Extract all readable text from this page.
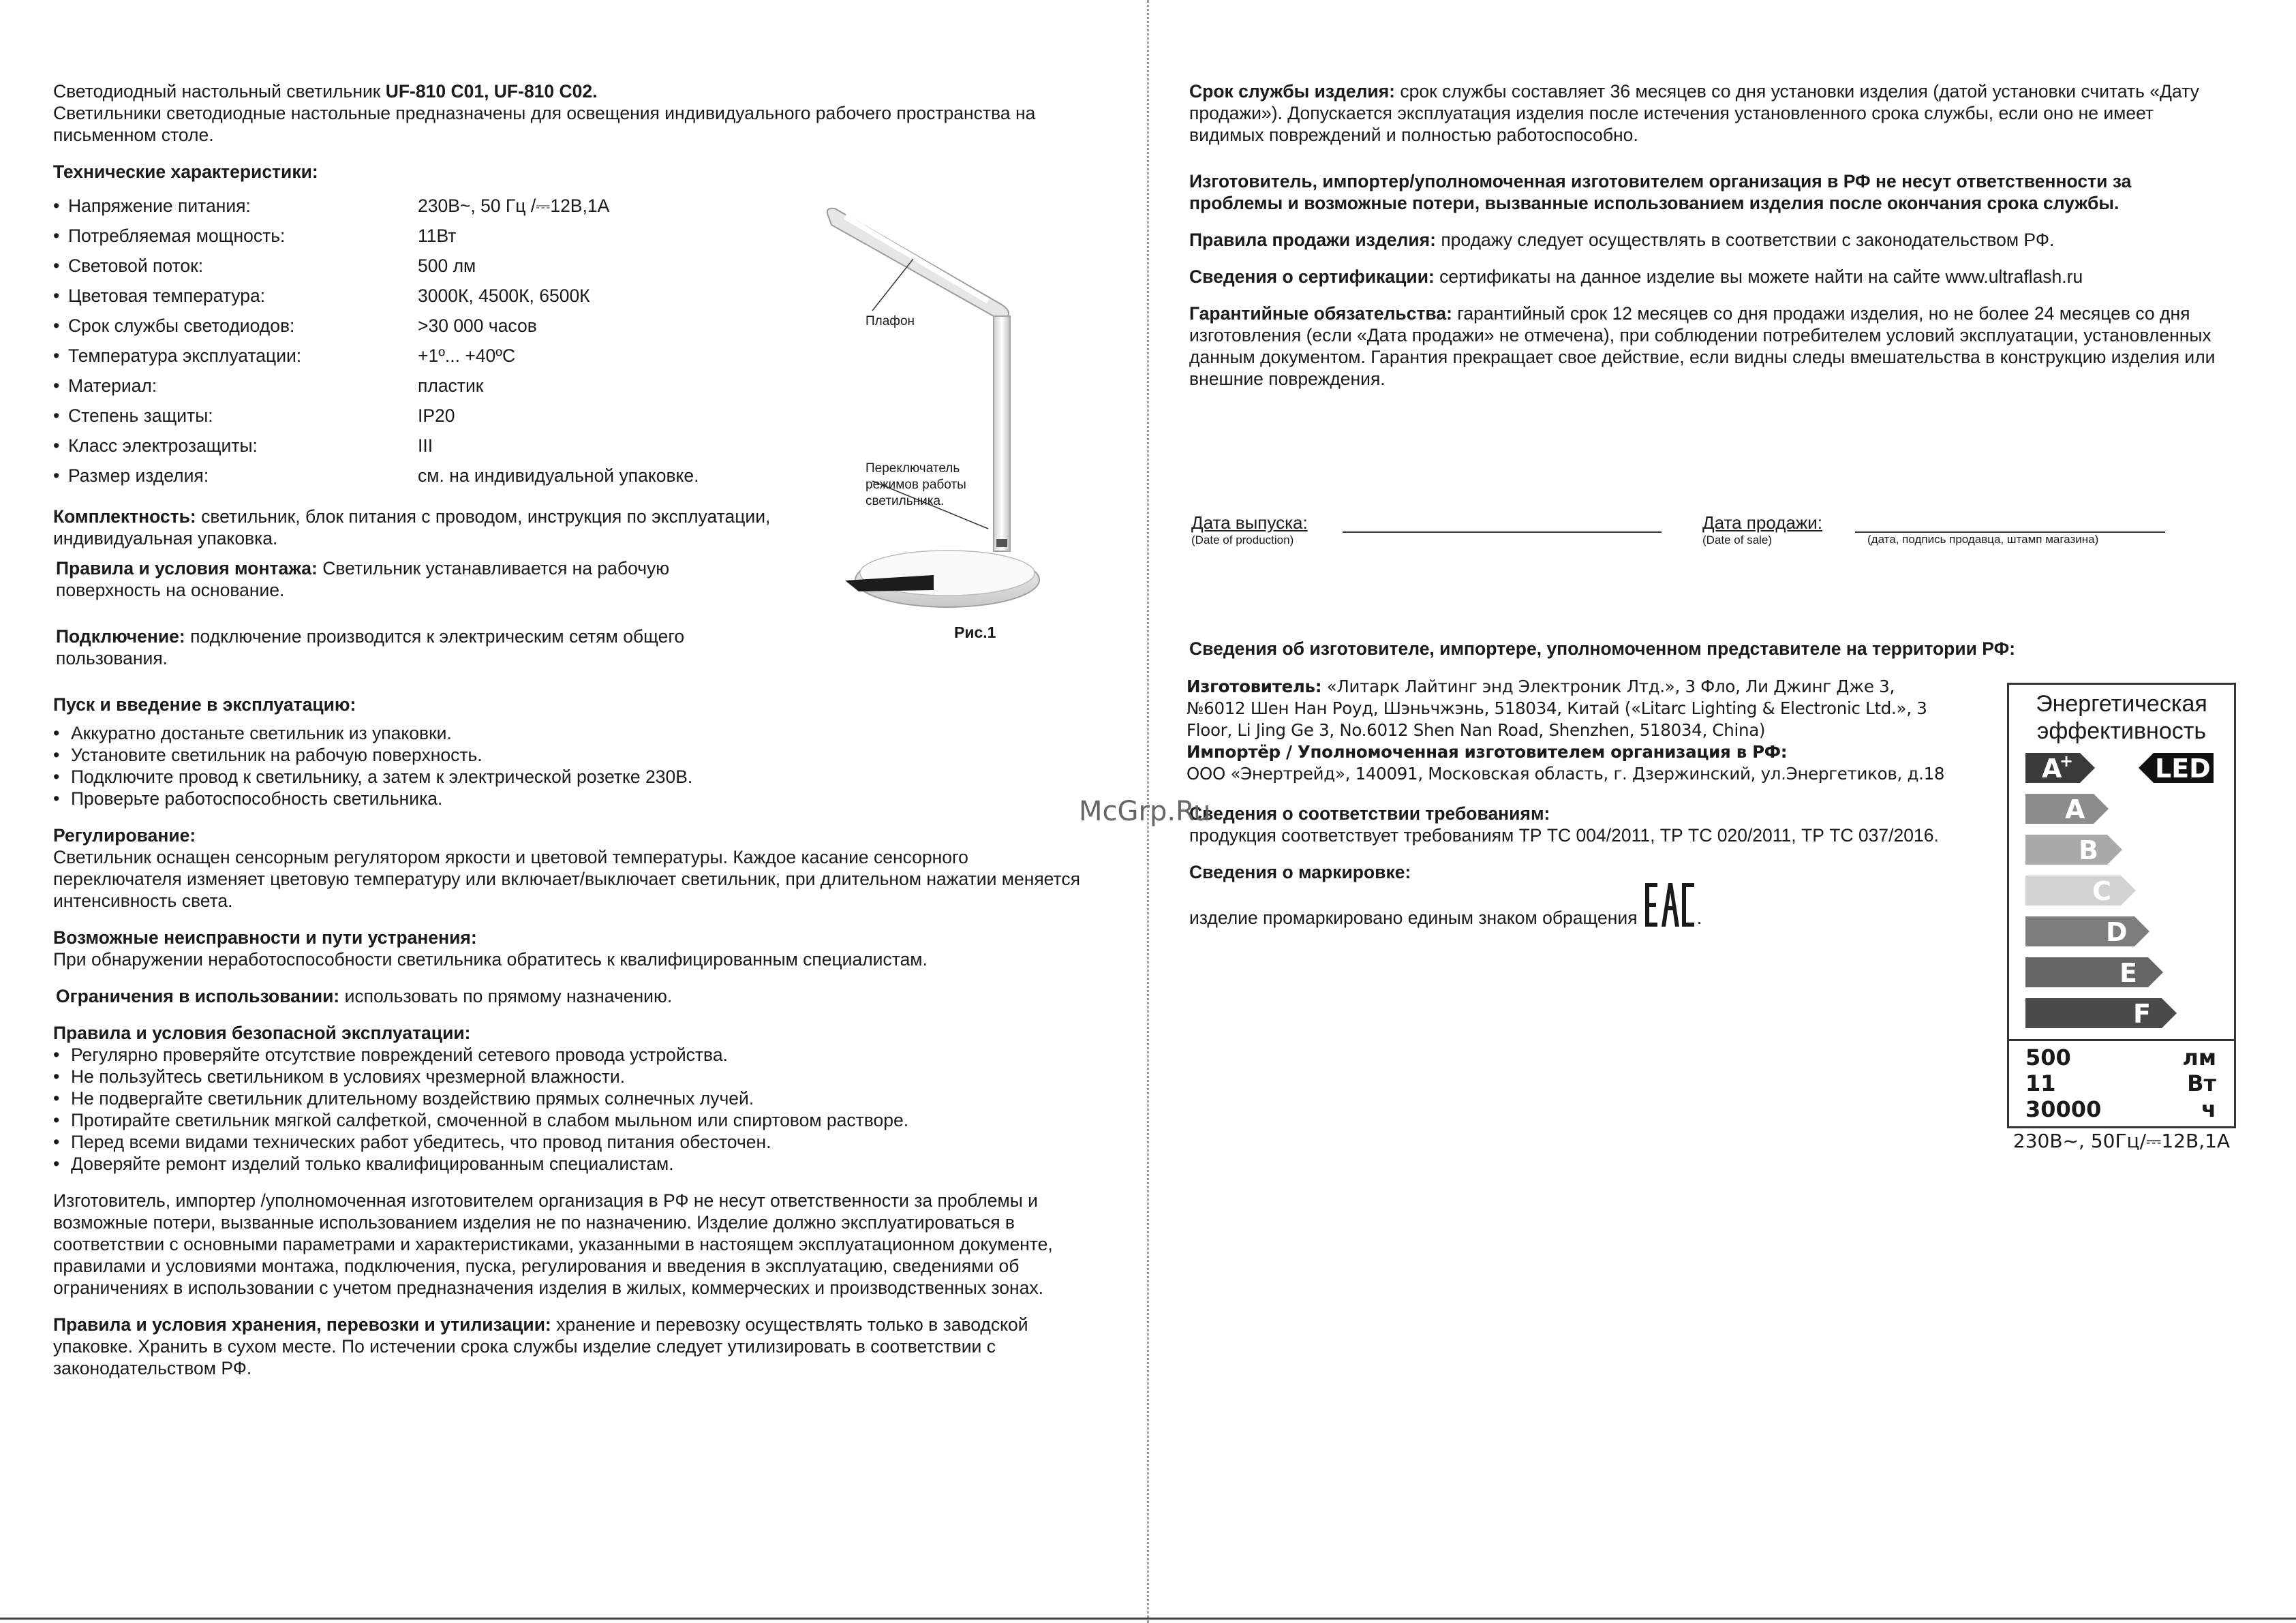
Светодиодный настольный светильник UF-810 C01, UF-810 C02.

Светильники светодиодные настольные предназначены для освещения индивидуального рабочего пространства на письменном столе.

Технические характеристики:

• Напряжение питания:	230В~, 50 Гц /⎓12В,1А
• Потребляемая мощность:	11Вт
• Световой поток:	500 лм
• Цветовая температура:	3000К, 4500К, 6500К
• Срок службы светодиодов:	>30 000 часов
• Температура эксплуатации:	+1º... +40ºС
• Материал:	пластик
• Степень защиты:	IP20
• Класс электрозащиты:	III
• Размер изделия:	см. на индивидуальной упаковке.

Комплектность: светильник, блок питания с проводом, инструкция по эксплуатации, индивидуальная упаковка.

Правила и условия монтажа: Светильник устанавливается на рабочую поверхность на основание.

Подключение: подключение производится к электрическим сетям общего пользования.

Пуск и введение в эксплуатацию:

• Аккуратно достаньте светильник из упаковки.
• Установите светильник на рабочую поверхность.
• Подключите провод к светильнику, а затем к электрической розетке 230В.
• Проверьте работоспособность светильника.

Регулирование:

Светильник оснащен сенсорным регулятором яркости и цветовой температуры. Каждое касание сенсорного переключателя изменяет цветовую температуру или включает/выключает светильник, при длительном нажатии меняется интенсивность света.

Возможные неисправности и пути устранения:

При обнаружении неработоспособности светильника обратитесь к квалифицированным специалистам.

Ограничения в использовании: использовать по прямому назначению.

Правила и условия безопасной эксплуатации:

• Регулярно проверяйте отсутствие повреждений сетевого провода устройства.
• Не пользуйтесь светильником в условиях чрезмерной влажности.
• Не подвергайте светильник длительному воздействию прямых солнечных лучей.
• Протирайте светильник мягкой салфеткой, смоченной в слабом мыльном или спиртовом растворе.
• Перед всеми видами технических работ убедитесь, что провод питания обесточен.
• Доверяйте ремонт изделий только квалифицированным специалистам.

Изготовитель, импортер /уполномоченная изготовителем организация в РФ не несут ответственности за проблемы и возможные потери, вызванные использованием изделия не по назначению. Изделие должно эксплуатироваться в соответствии с основными параметрами и характеристиками, указанными в настоящем эксплуатационном документе, правилами и условиями монтажа, подключения, пуска, регулирования и введения в эксплуатацию, сведениями об ограничениях в использовании с учетом предназначения изделия в жилых, коммерческих и производственных зонах.

Правила и условия хранения, перевозки и утилизации: хранение и перевозку осуществлять только в заводской упаковке. Хранить в сухом месте. По истечении срока службы изделие следует утилизировать в соответствии с законодательством РФ.

Плафон
Переключатель режимов работы светильника.
Рис.1

Срок службы изделия: срок службы составляет 36 месяцев со дня установки изделия (датой установки считать «Дату продажи»). Допускается эксплуатация изделия после истечения установленного срока службы, если оно не имеет видимых повреждений и полностью работоспособно.

Изготовитель, импортер/уполномоченная изготовителем организация в РФ не несут ответственности за проблемы и возможные потери, вызванные использованием изделия после окончания срока службы.

Правила продажи изделия: продажу следует осуществлять в соответствии с законодательством РФ.

Сведения о сертификации: сертификаты на данное изделие вы можете найти на сайте www.ultraflash.ru

Гарантийные обязательства: гарантийный срок 12 месяцев со дня продажи изделия, но не более 24 месяцев со дня изготовления (если «Дата продажи» не отмечена), при соблюдении потребителем условий эксплуатации, установленных данным документом. Гарантия прекращает свое действие, если видны следы вмешательства в конструкцию изделия или внешние повреждения.

Дата выпуска:
(Date of production)
Дата продажи:
(Date of sale)	(дата, подпись продавца, штамп магазина)

Сведения об изготовителе, импортере, уполномоченном представителе на территории РФ:

Изготовитель: «Литарк Лайтинг энд Электроник Лтд.», 3 Фло, Ли Джинг Дже 3, №6012 Шен Нан Роуд, Шэньчжэнь, 518034, Китай («Litarc Lighting & Electronic Ltd.», 3 Floor, Li Jing Ge 3, No.6012 Shen Nan Road, Shenzhen, 518034, China)

Импортёр / Уполномоченная изготовителем организация в РФ:
ООО «Энертрейд», 140091, Московская область, г. Дзержинский, ул.Энергетиков, д.18

Сведения о соответствии требованиям:

продукция соответствует требованиям ТР ТС 004/2011, ТР ТС 020/2011, ТР ТС 037/2016.

Сведения о маркировке:

изделие промаркировано единым знаком обращения	.

Энергетическая эффективность
A
+
A
B
C
D
E
F
LED
500	лм
11	Вт
30000	ч
230В~, 50Гц/⎓12В,1А
McGrp.Ru
